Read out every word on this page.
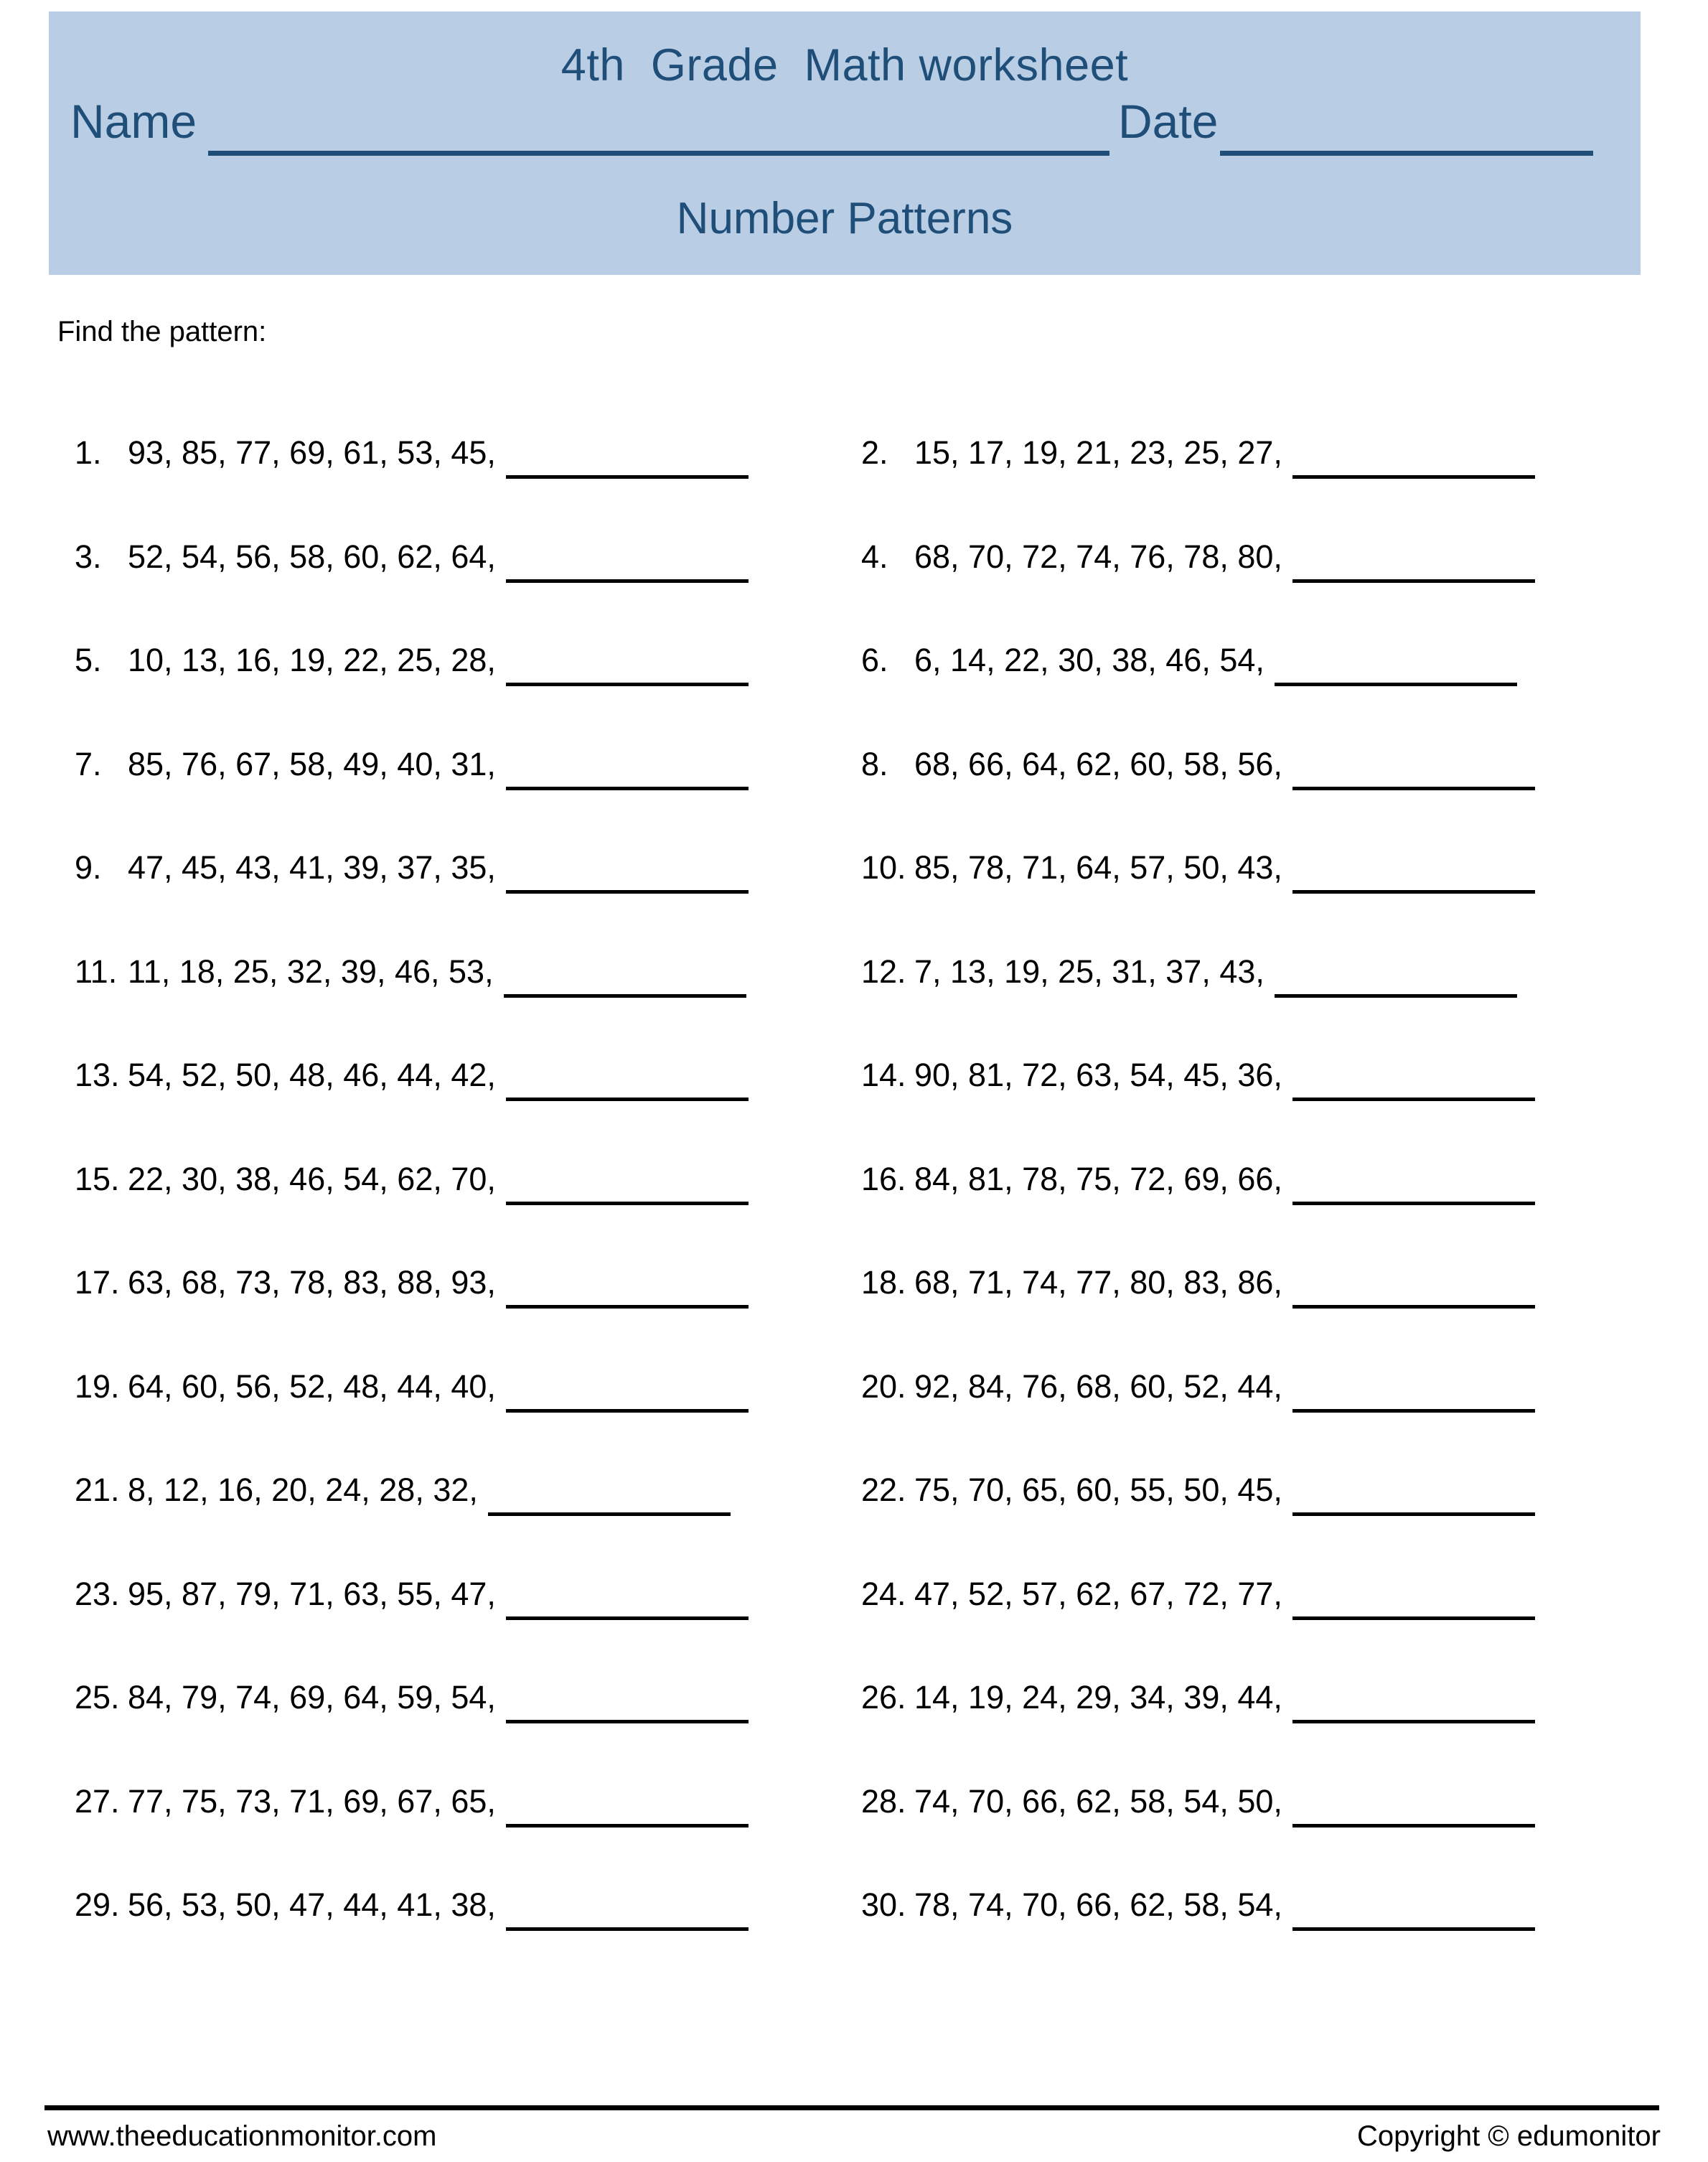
4th  Grade  Math worksheet
Name	Date
Number Patterns
Find the pattern:
1. 93, 85, 77, 69, 61, 53, 45,	2. 15, 17, 19, 21, 23, 25, 27,
3. 52, 54, 56, 58, 60, 62, 64,	4. 68, 70, 72, 74, 76, 78, 80,
5. 10, 13, 16, 19, 22, 25, 28,	6. 6, 14, 22, 30, 38, 46, 54,
7. 85, 76, 67, 58, 49, 40, 31,	8. 68, 66, 64, 62, 60, 58, 56,
9. 47, 45, 43, 41, 39, 37, 35,	10. 85, 78, 71, 64, 57, 50, 43,
11. 11, 18, 25, 32, 39, 46, 53,	12. 7, 13, 19, 25, 31, 37, 43,
13. 54, 52, 50, 48, 46, 44, 42,	14. 90, 81, 72, 63, 54, 45, 36,
15. 22, 30, 38, 46, 54, 62, 70,	16. 84, 81, 78, 75, 72, 69, 66,
17. 63, 68, 73, 78, 83, 88, 93,	18. 68, 71, 74, 77, 80, 83, 86,
19. 64, 60, 56, 52, 48, 44, 40,	20. 92, 84, 76, 68, 60, 52, 44,
21. 8, 12, 16, 20, 24, 28, 32,	22. 75, 70, 65, 60, 55, 50, 45,
23. 95, 87, 79, 71, 63, 55, 47,	24. 47, 52, 57, 62, 67, 72, 77,
25. 84, 79, 74, 69, 64, 59, 54,	26. 14, 19, 24, 29, 34, 39, 44,
27. 77, 75, 73, 71, 69, 67, 65,	28. 74, 70, 66, 62, 58, 54, 50,
29. 56, 53, 50, 47, 44, 41, 38,	30. 78, 74, 70, 66, 62, 58, 54,
www.theeducationmonitor.com	Copyright © edumonitor
